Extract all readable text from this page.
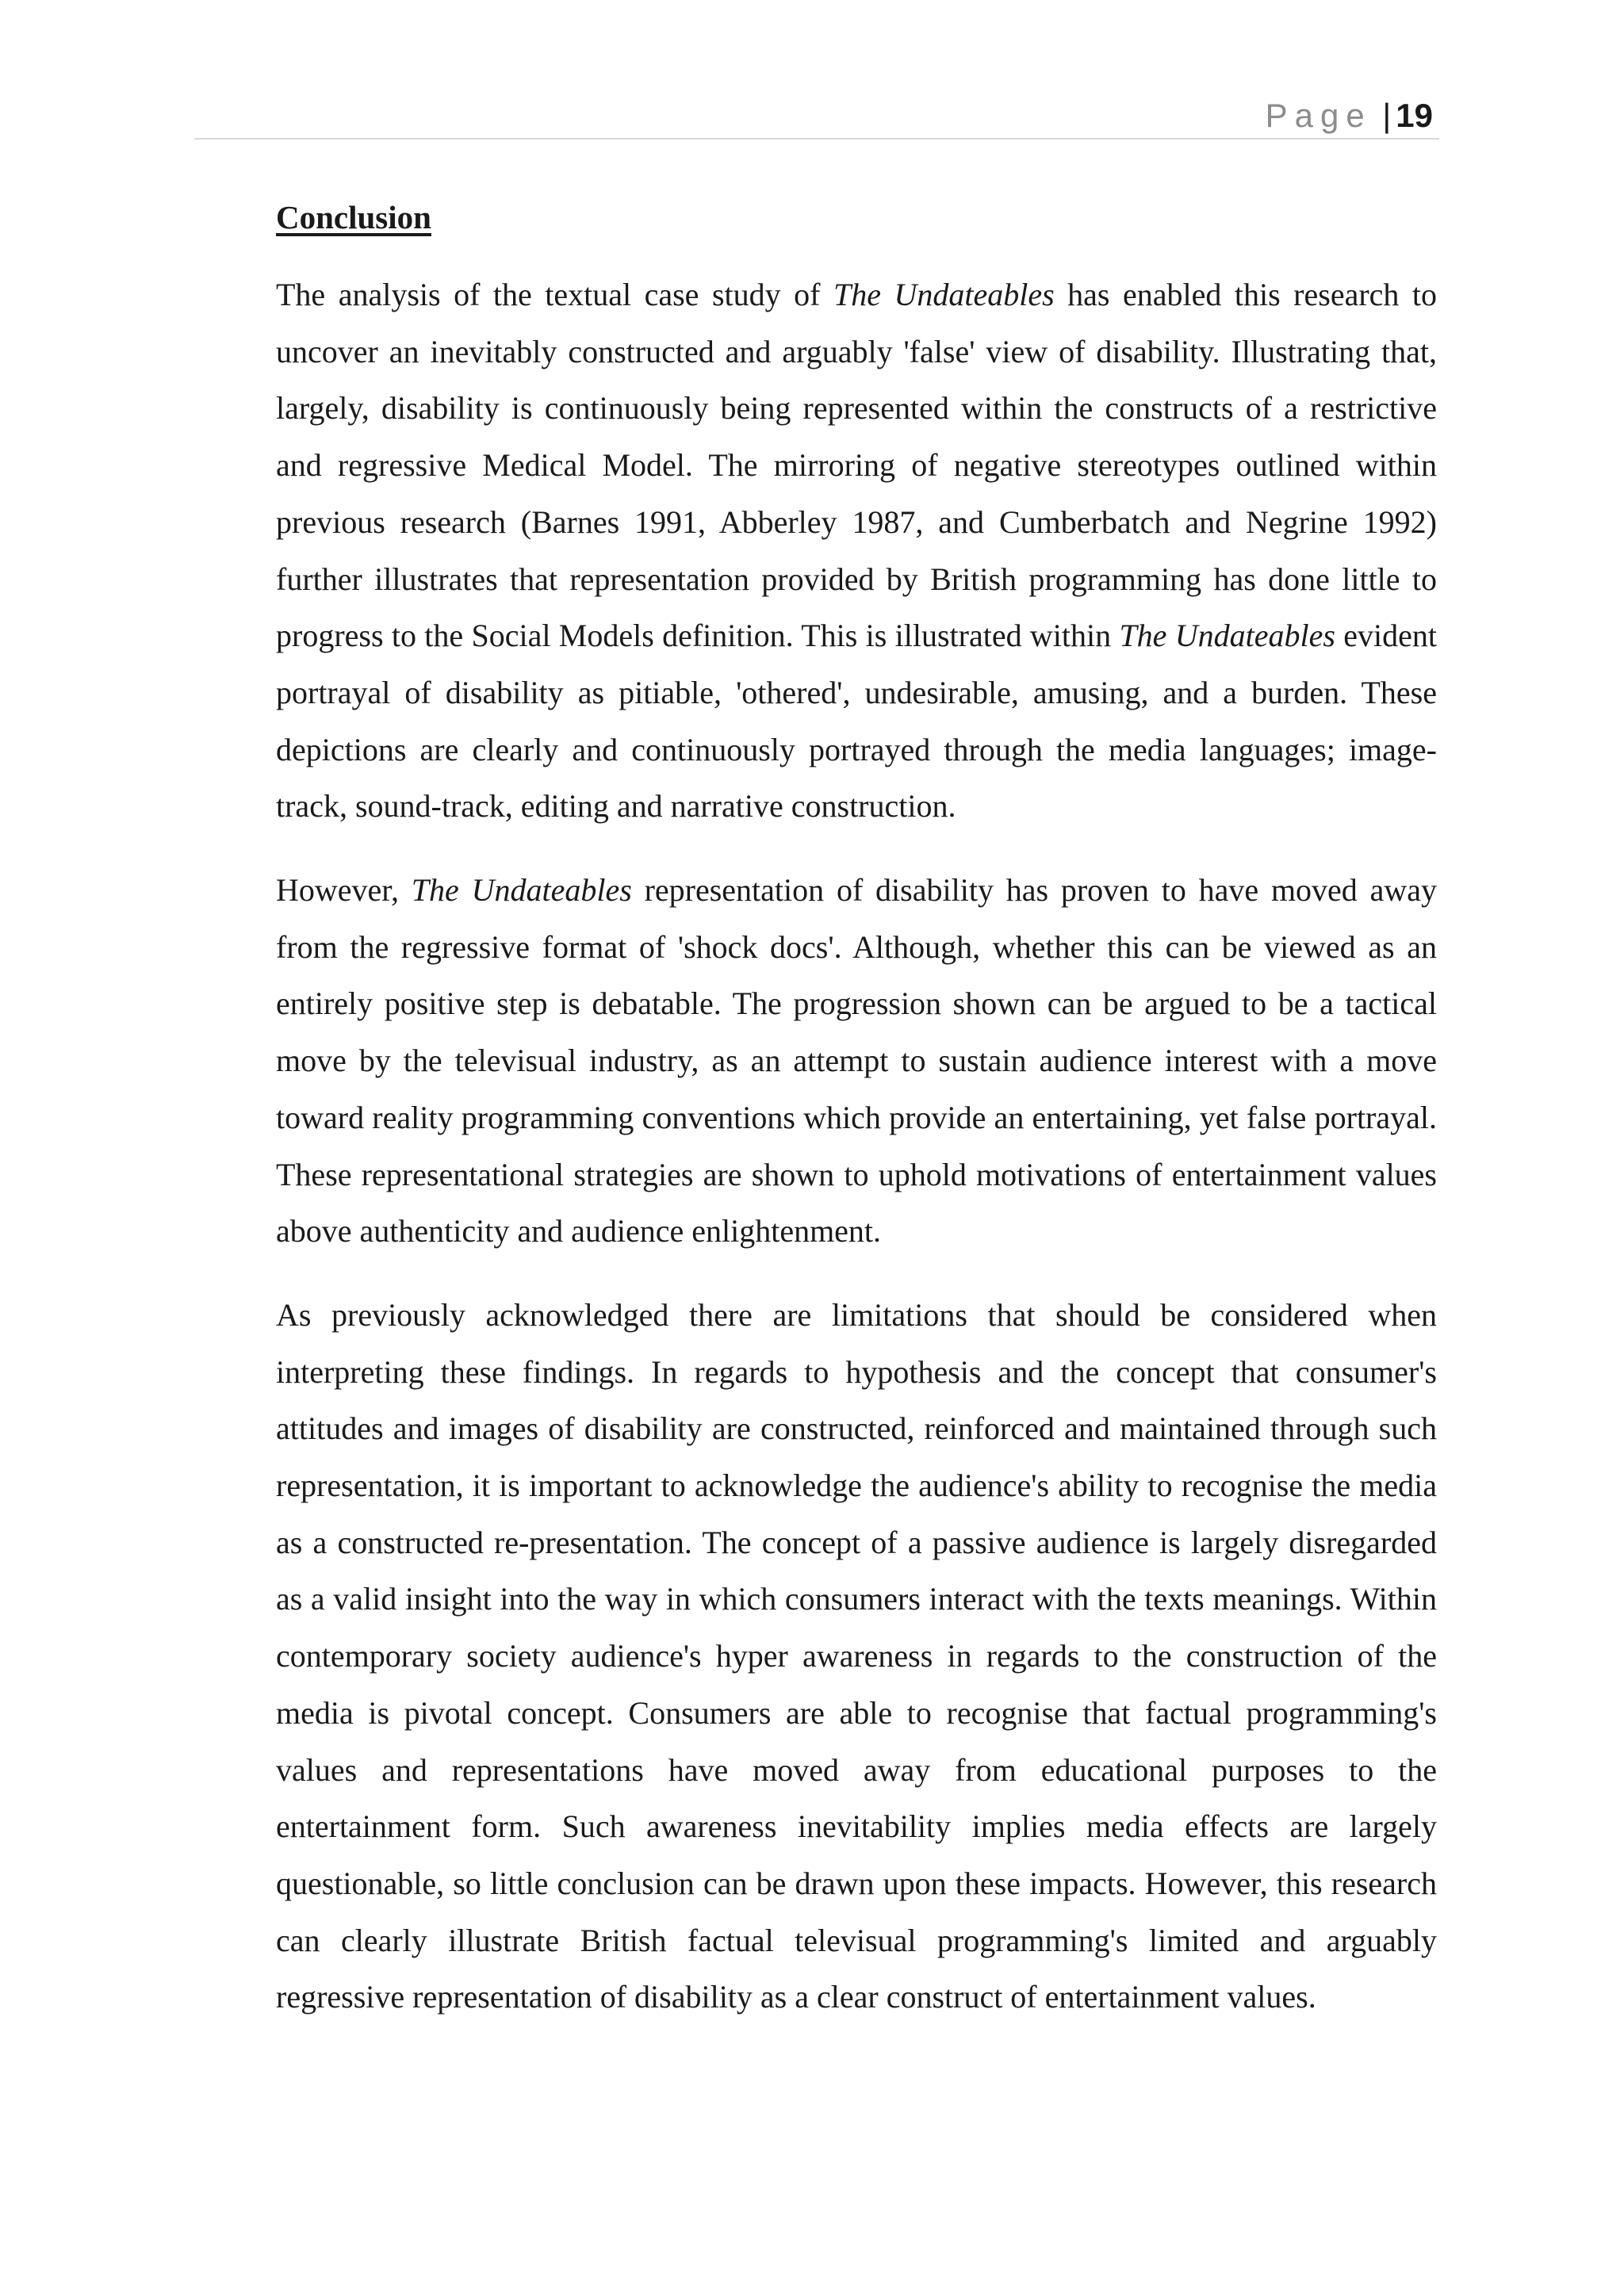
Page | 19
Conclusion

The analysis of the textual case study of The Undateables has enabled this research to uncover an inevitably constructed and arguably 'false' view of disability. Illustrating that, largely, disability is continuously being represented within the constructs of a restrictive and regressive Medical Model. The mirroring of negative stereotypes outlined within previous research (Barnes 1991, Abberley 1987, and Cumberbatch and Negrine 1992) further illustrates that representation provided by British programming has done little to progress to the Social Models definition. This is illustrated within The Undateables evident portrayal of disability as pitiable, 'othered', undesirable, amusing, and a burden. These depictions are clearly and continuously portrayed through the media languages; image-track, sound-track, editing and narrative construction.

However, The Undateables representation of disability has proven to have moved away from the regressive format of 'shock docs'. Although, whether this can be viewed as an entirely positive step is debatable. The progression shown can be argued to be a tactical move by the televisual industry, as an attempt to sustain audience interest with a move toward reality programming conventions which provide an entertaining, yet false portrayal. These representational strategies are shown to uphold motivations of entertainment values above authenticity and audience enlightenment.

As previously acknowledged there are limitations that should be considered when interpreting these findings. In regards to hypothesis and the concept that consumer's attitudes and images of disability are constructed, reinforced and maintained through such representation, it is important to acknowledge the audience's ability to recognise the media as a constructed re-presentation. The concept of a passive audience is largely disregarded as a valid insight into the way in which consumers interact with the texts meanings. Within contemporary society audience's hyper awareness in regards to the construction of the media is pivotal concept. Consumers are able to recognise that factual programming's values and representations have moved away from educational purposes to the entertainment form. Such awareness inevitability implies media effects are largely questionable, so little conclusion can be drawn upon these impacts. However, this research can clearly illustrate British factual televisual programming's limited and arguably regressive representation of disability as a clear construct of entertainment values.
